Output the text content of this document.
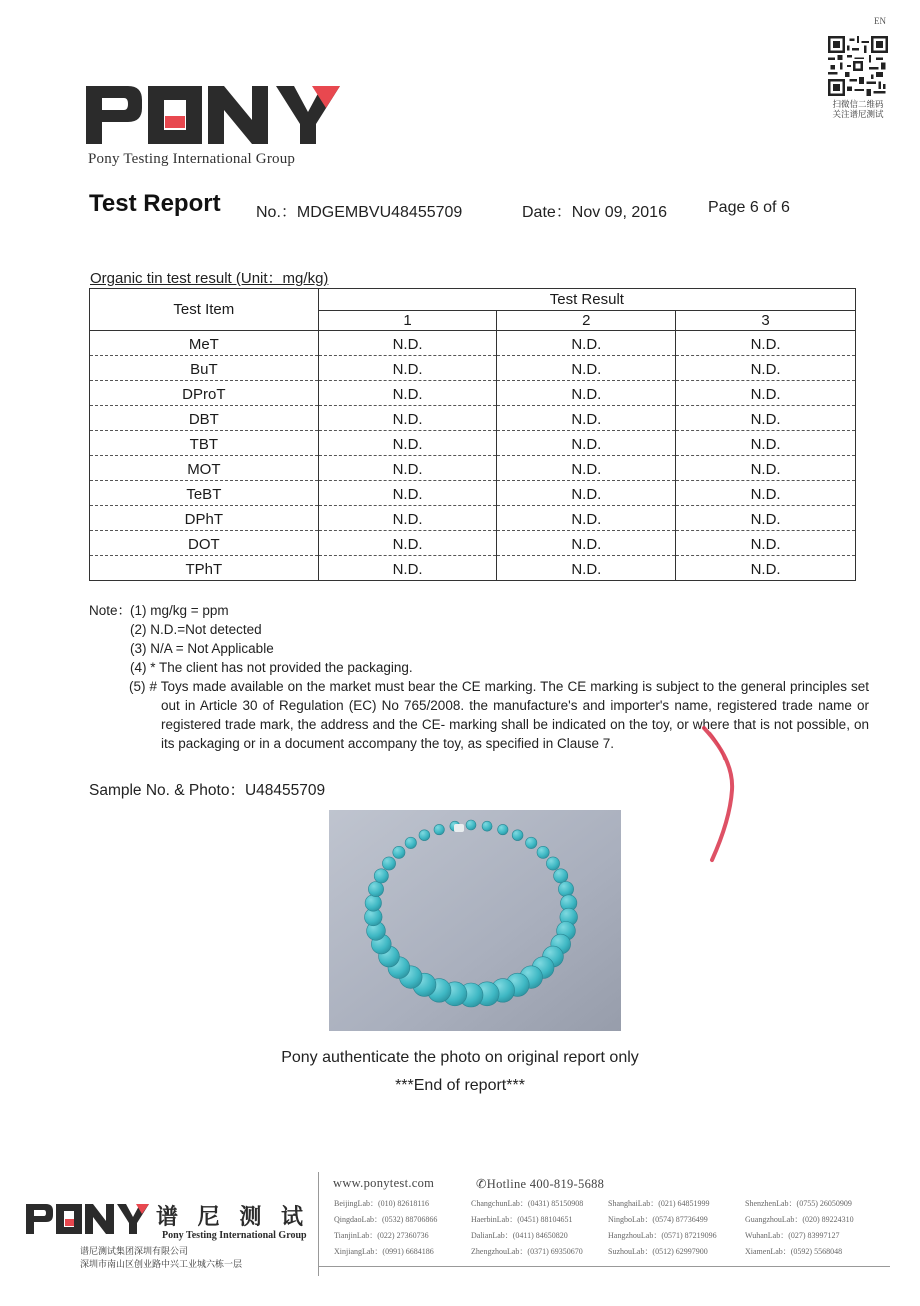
EN
扫微信二维码
关注谱尼测试
Pony Testing International Group
Test Report No.：MDGEMBVU48455709	Date：Nov 09, 2016	Page 6 of 6
Organic tin test result (Unit：mg/kg)
Test Item	Test Result		
	1	2	3
MeT	N.D.	N.D.	N.D.
BuT	N.D.	N.D.	N.D.
DProT	N.D.	N.D.	N.D.
DBT	N.D.	N.D.	N.D.
TBT	N.D.	N.D.	N.D.
MOT	N.D.	N.D.	N.D.
TeBT	N.D.	N.D.	N.D.
DPhT	N.D.	N.D.	N.D.
DOT	N.D.	N.D.	N.D.
TPhT	N.D.	N.D.	N.D.
Note：
(1) mg/kg = ppm
(2) N.D.=Not detected
(3) N/A = Not Applicable
(4) * The client has not provided the packaging.
(5) # Toys made available on the market must bear the CE marking. The CE marking is subject to the general principles set out in Article 30 of Regulation (EC) No 765/2008. the manufacture's and importer's name, registered trade name or registered trade mark, the address and the CE- marking shall be indicated on the toy, or where that is not possible, on its packaging or in a document accompany the toy, as specified in Clause 7.
Sample No. & Photo：U48455709
Pony authenticate the photo on original report only
***End of report***
谱 尼 测 试
Pony Testing International Group
谱尼测试集团深圳有限公司
深圳市南山区创业路中兴工业城六栋一层
www.ponytest.com	✆Hotline 400-819-5688
BeijingLab：(010) 82618116	ChangchunLab：(0431) 85150908	ShanghaiLab：(021) 64851999	ShenzhenLab：(0755) 26050909
QingdaoLab：(0532) 88706866	HaerbinLab：(0451) 88104651	NingboLab：(0574) 87736499	GuangzhouLab：(020) 89224310
TianjinLab：(022) 27360736	DalianLab：(0411) 84650820	HangzhouLab：(0571) 87219096	WuhanLab：(027) 83997127
XinjiangLab：(0991) 6684186	ZhengzhouLab：(0371) 69350670	SuzhouLab：(0512) 62997900	XiamenLab：(0592) 5568048
